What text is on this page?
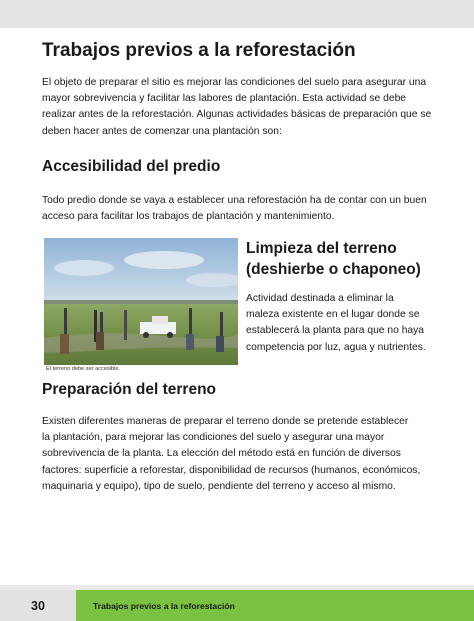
Trabajos previos a la reforestación

El objeto de preparar el sitio es mejorar las condiciones del suelo para asegurar una
mayor sobrevivencia y facilitar las labores de plantación. Esta actividad se debe
realizar antes de la reforestación. Algunas actividades básicas de preparación que se
deben hacer antes de comenzar una plantación son:

Accesibilidad del predio

Todo predio donde se vaya a establecer una reforestación ha de contar con un buen
acceso para facilitar los trabajos de plantación y mantenimiento.

El terreno debe ser accesible.
Limpieza del terreno
(deshierbe o chaponeo)

Actividad destinada a eliminar la
maleza existente en el lugar donde se
establecerá la planta para que no haya
competencia por luz, agua y nutrientes.

Preparación del terreno

Existen diferentes maneras de preparar el terreno donde se pretende establecer
la plantación, para mejorar las condiciones del suelo y asegurar una mayor
sobrevivencia de la planta. La elección del método está en función de diversos
factores: superficie a reforestar, disponibilidad de recursos (humanos, económicos,
maquinaria y equipo), tipo de suelo, pendiente del terreno y acceso al mismo.

30	Trabajos previos a la reforestación
